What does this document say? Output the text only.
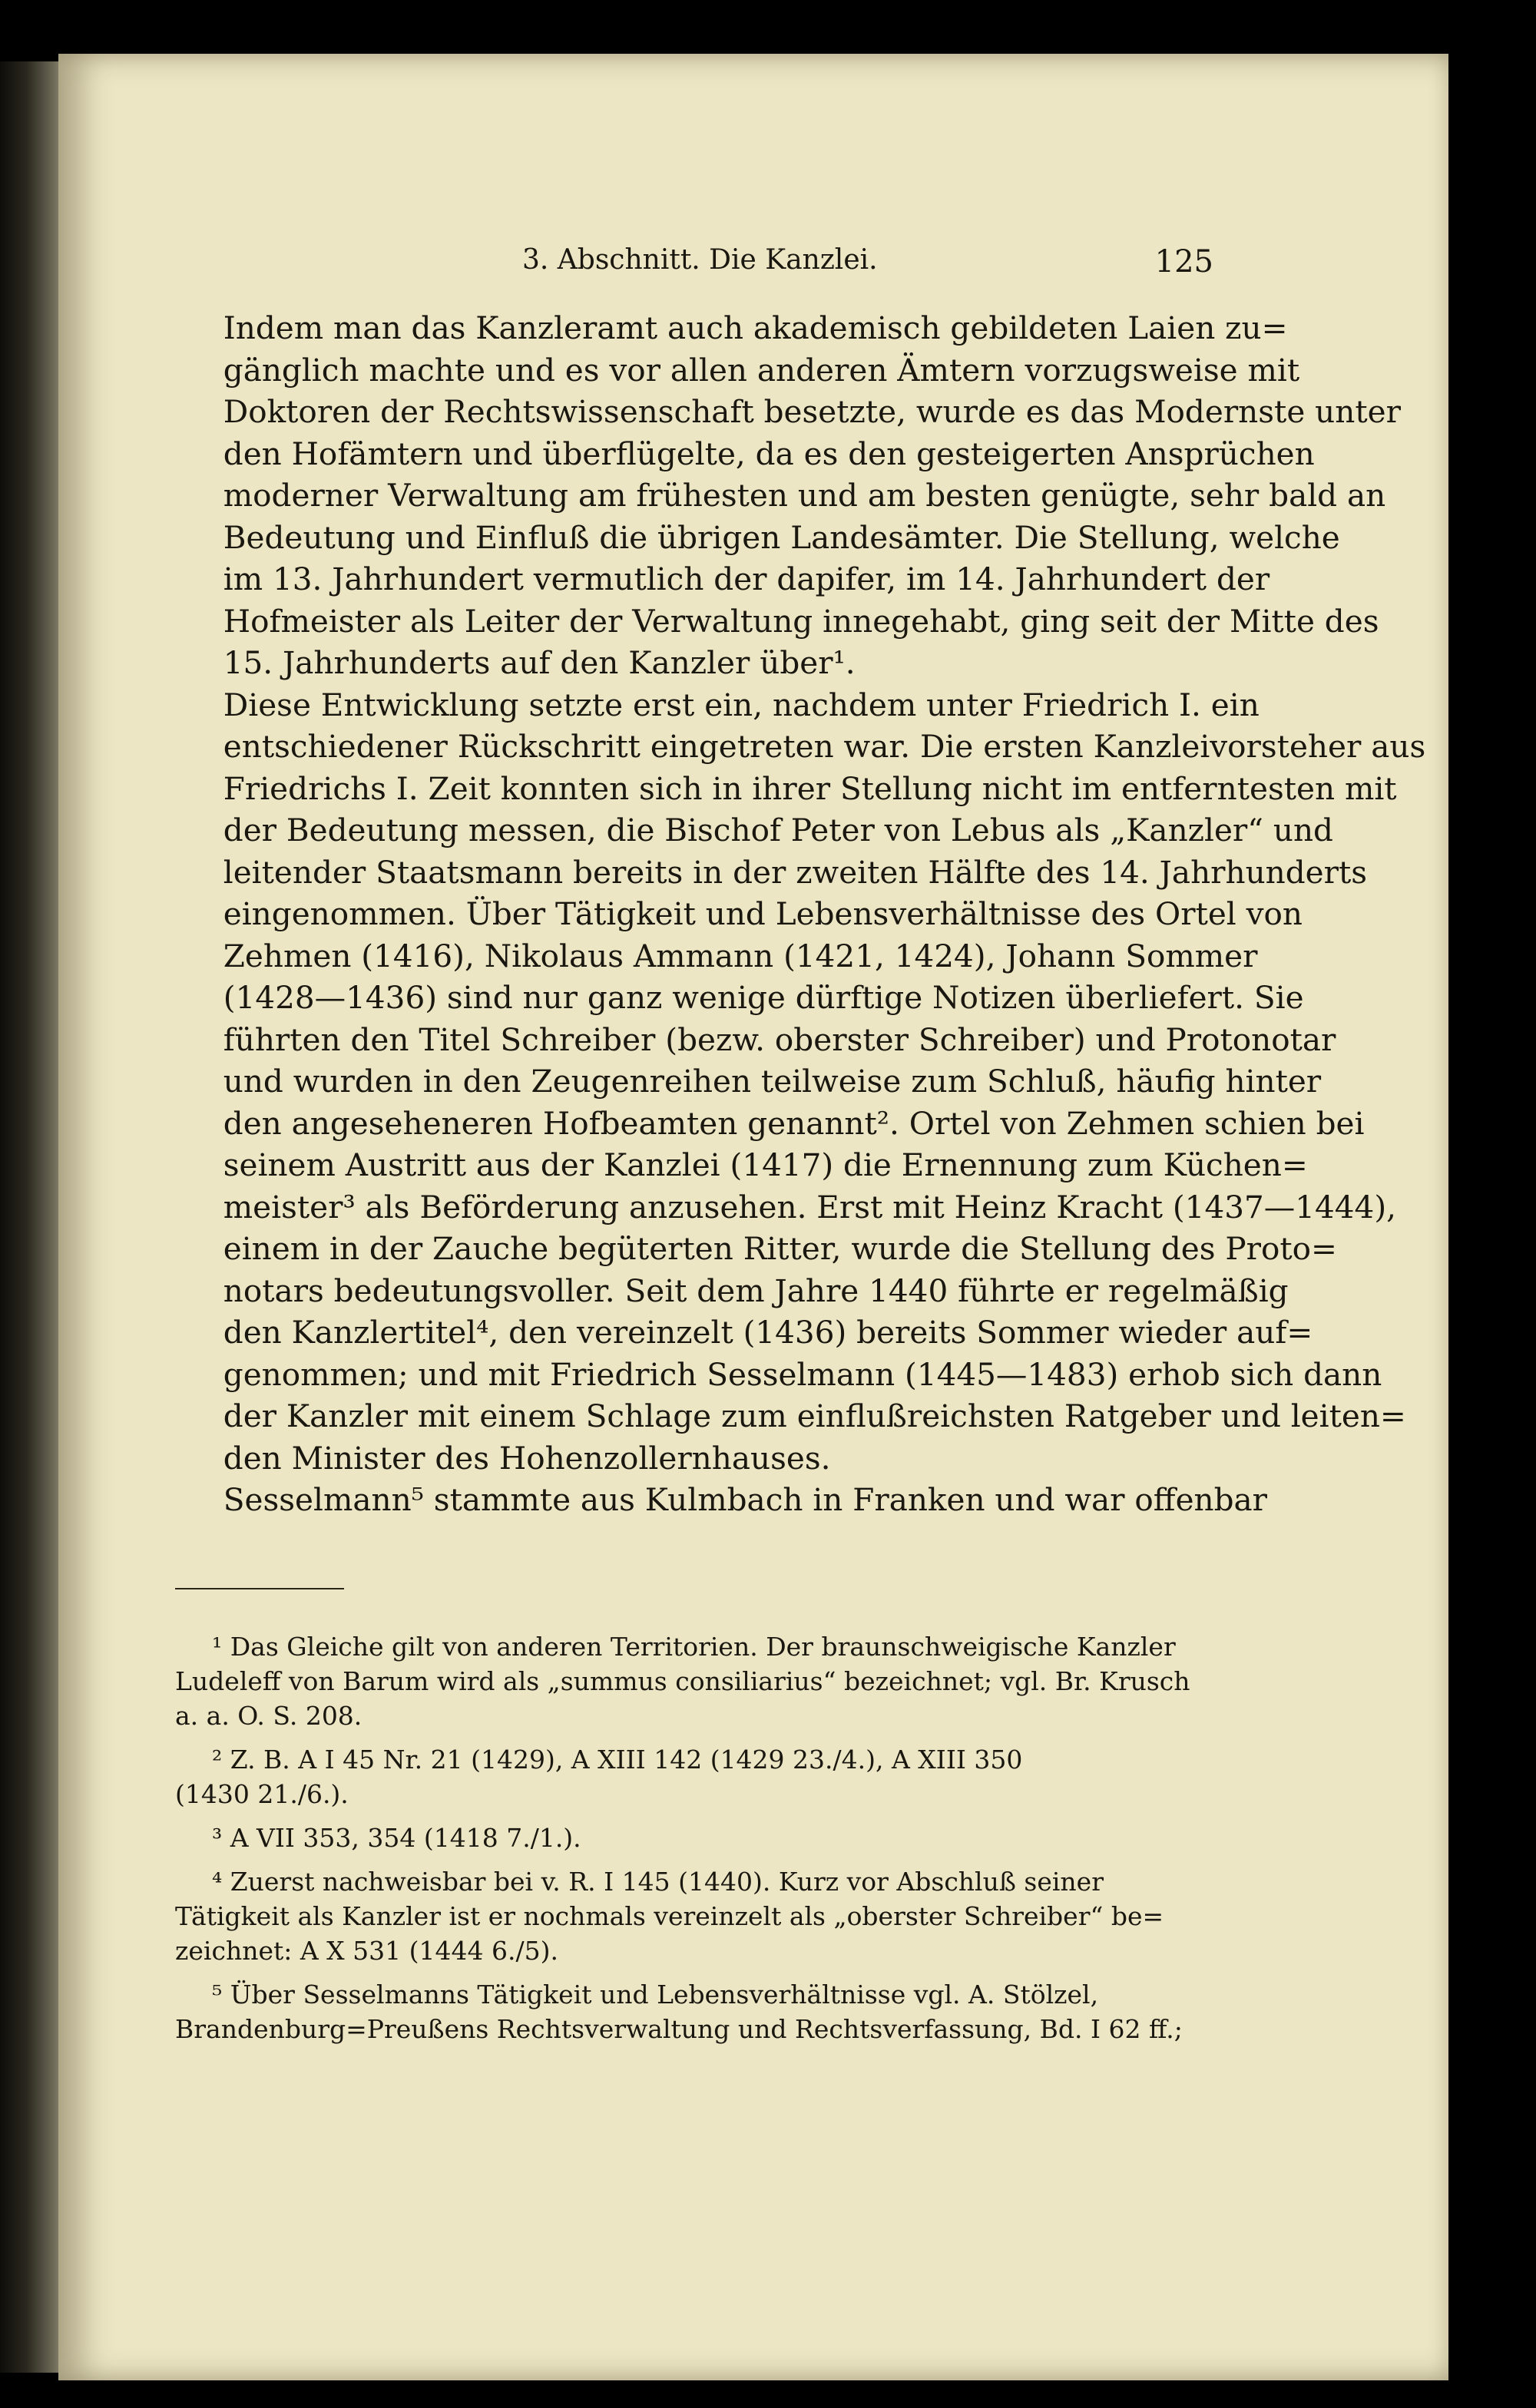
3. Abschnitt. Die Kanzlei.	125

Indem man das Kanzleramt auch akademisch gebildeten Laien zu=
gänglich machte und es vor allen anderen Ämtern vorzugsweise mit
Doktoren der Rechtswissenschaft besetzte, wurde es das Modernste unter
den Hofämtern und überflügelte, da es den gesteigerten Ansprüchen
moderner Verwaltung am frühesten und am besten genügte, sehr bald an
Bedeutung und Einfluß die übrigen Landesämter. Die Stellung, welche
im 13. Jahrhundert vermutlich der dapifer, im 14. Jahrhundert der
Hofmeister als Leiter der Verwaltung innegehabt, ging seit der Mitte des
15. Jahrhunderts auf den Kanzler über¹.

Diese Entwicklung setzte erst ein, nachdem unter Friedrich I. ein
entschiedener Rückschritt eingetreten war. Die ersten Kanzleivorsteher aus
Friedrichs I. Zeit konnten sich in ihrer Stellung nicht im entferntesten mit
der Bedeutung messen, die Bischof Peter von Lebus als „Kanzler“ und
leitender Staatsmann bereits in der zweiten Hälfte des 14. Jahrhunderts
eingenommen. Über Tätigkeit und Lebensverhältnisse des Ortel von
Zehmen (1416), Nikolaus Ammann (1421, 1424), Johann Sommer
(1428—1436) sind nur ganz wenige dürftige Notizen überliefert. Sie
führten den Titel Schreiber (bezw. oberster Schreiber) und Protonotar
und wurden in den Zeugenreihen teilweise zum Schluß, häufig hinter
den angeseheneren Hofbeamten genannt². Ortel von Zehmen schien bei
seinem Austritt aus der Kanzlei (1417) die Ernennung zum Küchen=
meister³ als Beförderung anzusehen. Erst mit Heinz Kracht (1437—1444),
einem in der Zauche begüterten Ritter, wurde die Stellung des Proto=
notars bedeutungsvoller. Seit dem Jahre 1440 führte er regelmäßig
den Kanzlertitel⁴, den vereinzelt (1436) bereits Sommer wieder auf=
genommen; und mit Friedrich Sesselmann (1445—1483) erhob sich dann
der Kanzler mit einem Schlage zum einflußreichsten Ratgeber und leiten=
den Minister des Hohenzollernhauses.

Sesselmann⁵ stammte aus Kulmbach in Franken und war offenbar

¹ Das Gleiche gilt von anderen Territorien. Der braunschweigische Kanzler
Ludeleff von Barum wird als „summus consiliarius“ bezeichnet; vgl. Br. Krusch
a. a. O. S. 208.
² Z. B. A I 45 Nr. 21 (1429), A XIII 142 (1429 23./4.), A XIII 350
(1430 21./6.).
³ A VII 353, 354 (1418 7./1.).
⁴ Zuerst nachweisbar bei v. R. I 145 (1440). Kurz vor Abschluß seiner
Tätigkeit als Kanzler ist er nochmals vereinzelt als „oberster Schreiber“ be=
zeichnet: A X 531 (1444 6./5).
⁵ Über Sesselmanns Tätigkeit und Lebensverhältnisse vgl. A. Stölzel,
Brandenburg=Preußens Rechtsverwaltung und Rechtsverfassung, Bd. I 62 ff.;
